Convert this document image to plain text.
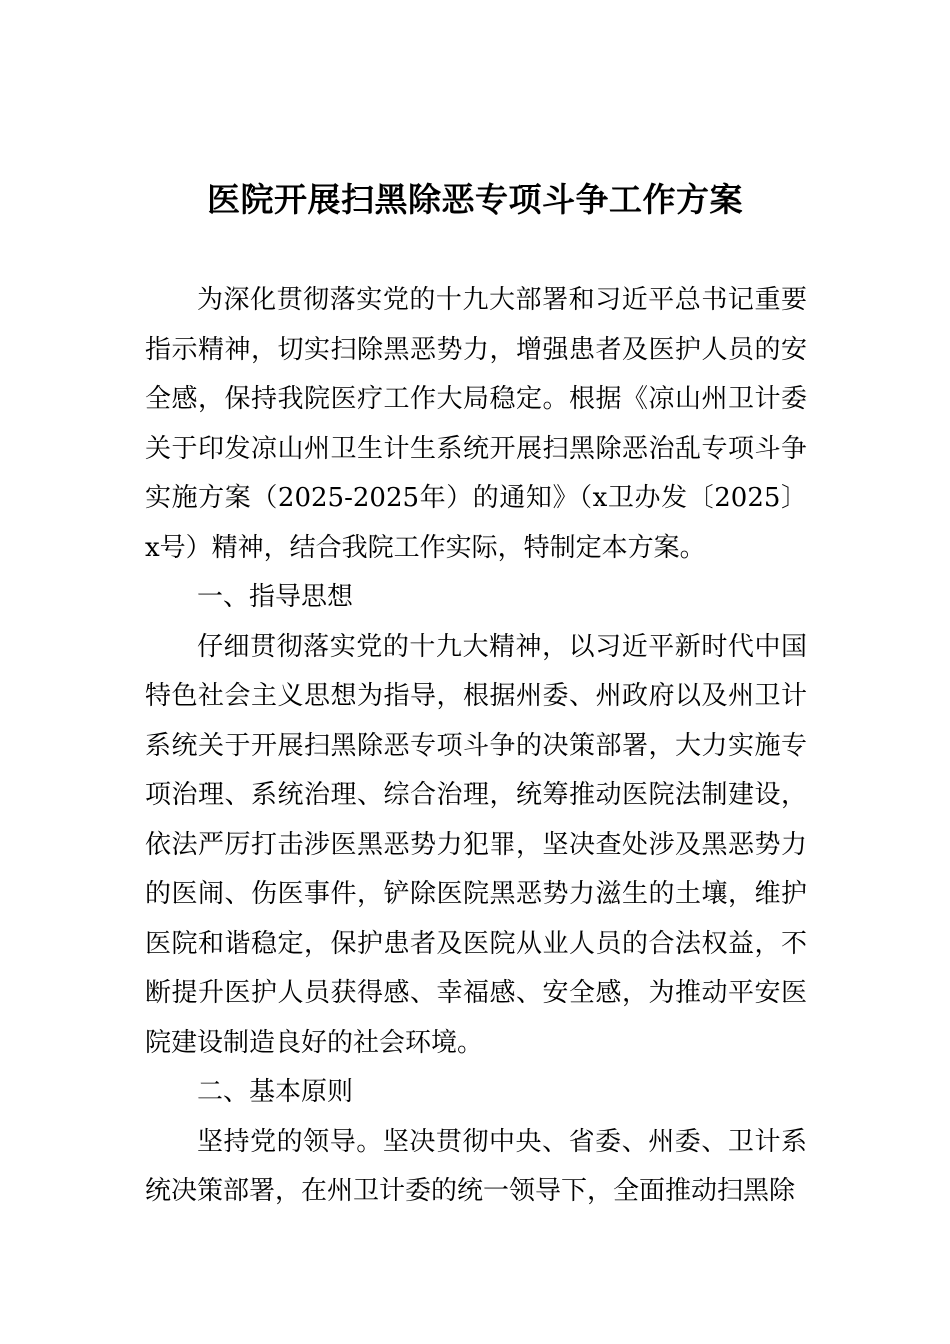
医院开展扫黑除恶专项斗争工作方案

为深化贯彻落实党的十九大部署和习近平总书记重要指示精神，切实扫除黑恶势力，增强患者及医护人员的安全感，保持我院医疗工作大局稳定。根据《凉山州卫计委关于印发凉山州卫生计生系统开展扫黑除恶治乱专项斗争实施方案（2025-2025年）的通知》（x卫办发〔2025〕x号）精神，结合我院工作实际，特制定本方案。

一、指导思想

仔细贯彻落实党的十九大精神，以习近平新时代中国特色社会主义思想为指导，根据州委、州政府以及州卫计系统关于开展扫黑除恶专项斗争的决策部署，大力实施专项治理、系统治理、综合治理，统筹推动医院法制建设，依法严厉打击涉医黑恶势力犯罪，坚决查处涉及黑恶势力的医闹、伤医事件，铲除医院黑恶势力滋生的土壤，维护医院和谐稳定，保护患者及医院从业人员的合法权益，不断提升医护人员获得感、幸福感、安全感，为推动平安医院建设制造良好的社会环境。

二、基本原则

坚持党的领导。坚决贯彻中央、省委、州委、卫计系统决策部署，在州卫计委的统一领导下，全面推动扫黑除
